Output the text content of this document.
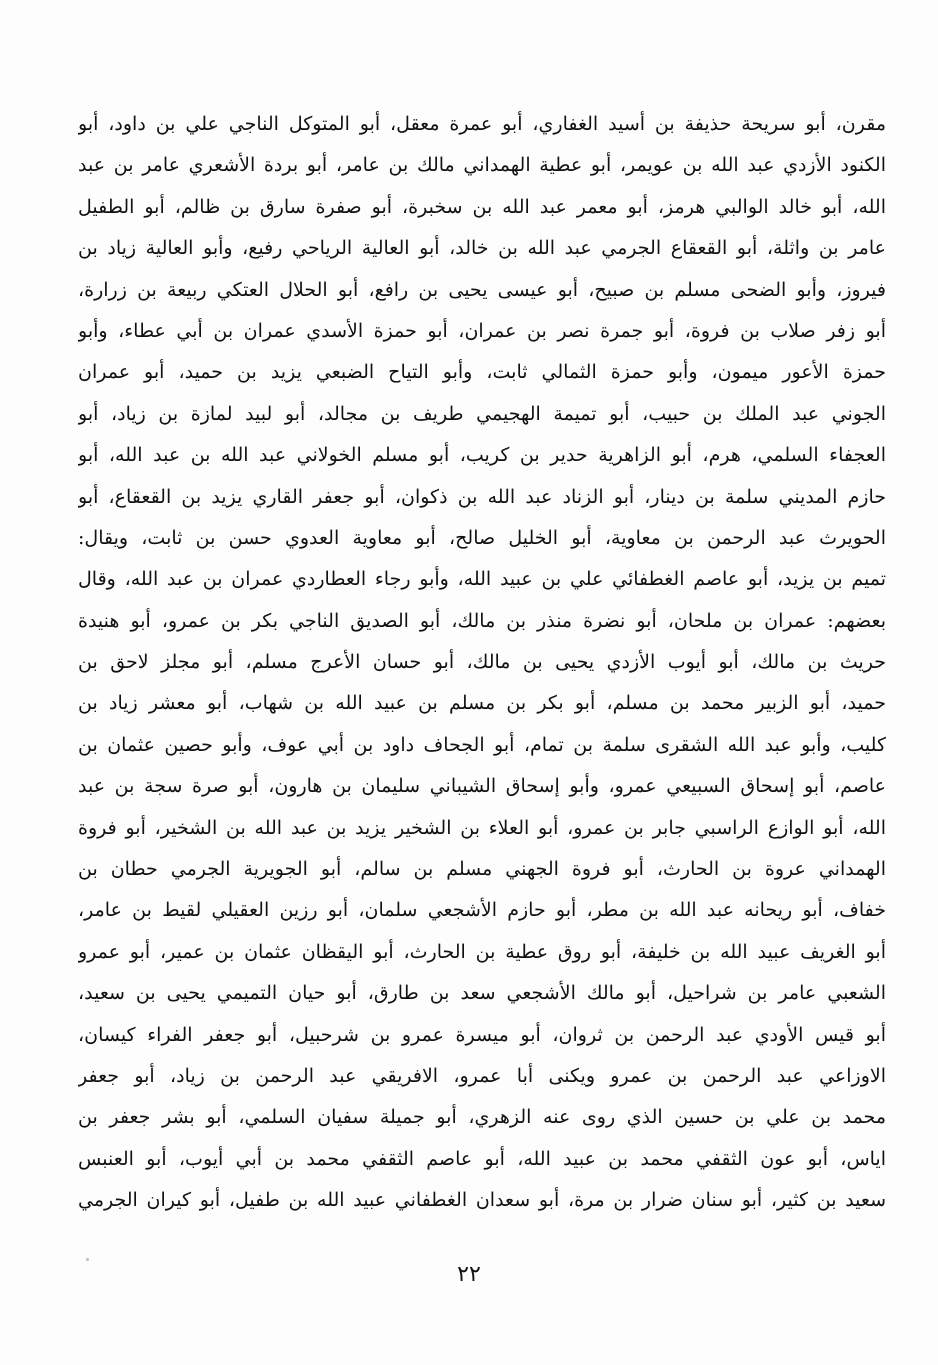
مقرن، أبو سريحة حذيفة بن أسيد الغفاري، أبو عمرة معقل، أبو المتوكل الناجي علي بن داود، أبو
الكنود الأزدي عبد الله بن عويمر، أبو عطية الهمداني مالك بن عامر، أبو بردة الأشعري عامر بن عبد
الله، أبو خالد الوالبي هرمز، أبو معمر عبد الله بن سخبرة، أبو صفرة سارق بن ظالم، أبو الطفيل
عامر بن واثلة، أبو القعقاع الجرمي عبد الله بن خالد، أبو العالية الرياحي رفيع، وأبو العالية زياد بن
فيروز، وأبو الضحى مسلم بن صبيح، أبو عيسى يحيى بن رافع، أبو الحلال العتكي ربيعة بن زرارة،
أبو زفر صلاب بن فروة، أبو جمرة نصر بن عمران، أبو حمزة الأسدي عمران بن أبي عطاء، وأبو
حمزة الأعور ميمون، وأبو حمزة الثمالي ثابت، وأبو التياح الضبعي يزيد بن حميد، أبو عمران
الجوني عبد الملك بن حبيب، أبو تميمة الهجيمي طريف بن مجالد، أبو لبيد لمازة بن زياد، أبو
العجفاء السلمي، هرم، أبو الزاهرية حدير بن كريب، أبو مسلم الخولاني عبد الله بن عبد الله، أبو
حازم المديني سلمة بن دينار، أبو الزناد عبد الله بن ذكوان، أبو جعفر القاري يزيد بن القعقاع، أبو
الحويرث عبد الرحمن بن معاوية، أبو الخليل صالح، أبو معاوية العدوي حسن بن ثابت، ويقال:
تميم بن يزيد، أبو عاصم الغطفائي علي بن عبيد الله، وأبو رجاء العطاردي عمران بن عبد الله، وقال
بعضهم: عمران بن ملحان، أبو نضرة منذر بن مالك، أبو الصديق الناجي بكر بن عمرو، أبو هنيدة
حريث بن مالك، أبو أيوب الأزدي يحيى بن مالك، أبو حسان الأعرج مسلم، أبو مجلز لاحق بن
حميد، أبو الزبير محمد بن مسلم، أبو بكر بن مسلم بن عبيد الله بن شهاب، أبو معشر زياد بن
كليب، وأبو عبد الله الشقرى سلمة بن تمام، أبو الجحاف داود بن أبي عوف، وأبو حصين عثمان بن
عاصم، أبو إسحاق السبيعي عمرو، وأبو إسحاق الشيباني سليمان بن هارون، أبو صرة سجة بن عبد
الله، أبو الوازع الراسبي جابر بن عمرو، أبو العلاء بن الشخير يزيد بن عبد الله بن الشخير، أبو فروة
الهمداني عروة بن الحارث، أبو فروة الجهني مسلم بن سالم، أبو الجويرية الجرمي حطان بن
خفاف، أبو ريحانه عبد الله بن مطر، أبو حازم الأشجعي سلمان، أبو رزين العقيلي لقيط بن عامر،
أبو الغريف عبيد الله بن خليفة، أبو روق عطية بن الحارث، أبو اليقظان عثمان بن عمير، أبو عمرو
الشعبي عامر بن شراحيل، أبو مالك الأشجعي سعد بن طارق، أبو حيان التميمي يحيى بن سعيد،
أبو قيس الأودي عبد الرحمن بن ثروان، أبو ميسرة عمرو بن شرحبيل، أبو جعفر الفراء كيسان،
الاوزاعي عبد الرحمن بن عمرو ويكنى أبا عمرو، الافريقي عبد الرحمن بن زياد، أبو جعفر
محمد بن علي بن حسين الذي روى عنه الزهري، أبو جميلة سفيان السلمي، أبو بشر جعفر بن
اياس، أبو عون الثقفي محمد بن عبيد الله، أبو عاصم الثقفي محمد بن أبي أيوب، أبو العنبس
سعيد بن كثير، أبو سنان ضرار بن مرة، أبو سعدان الغطفاني عبيد الله بن طفيل، أبو كيران الجرمي
٢٢
